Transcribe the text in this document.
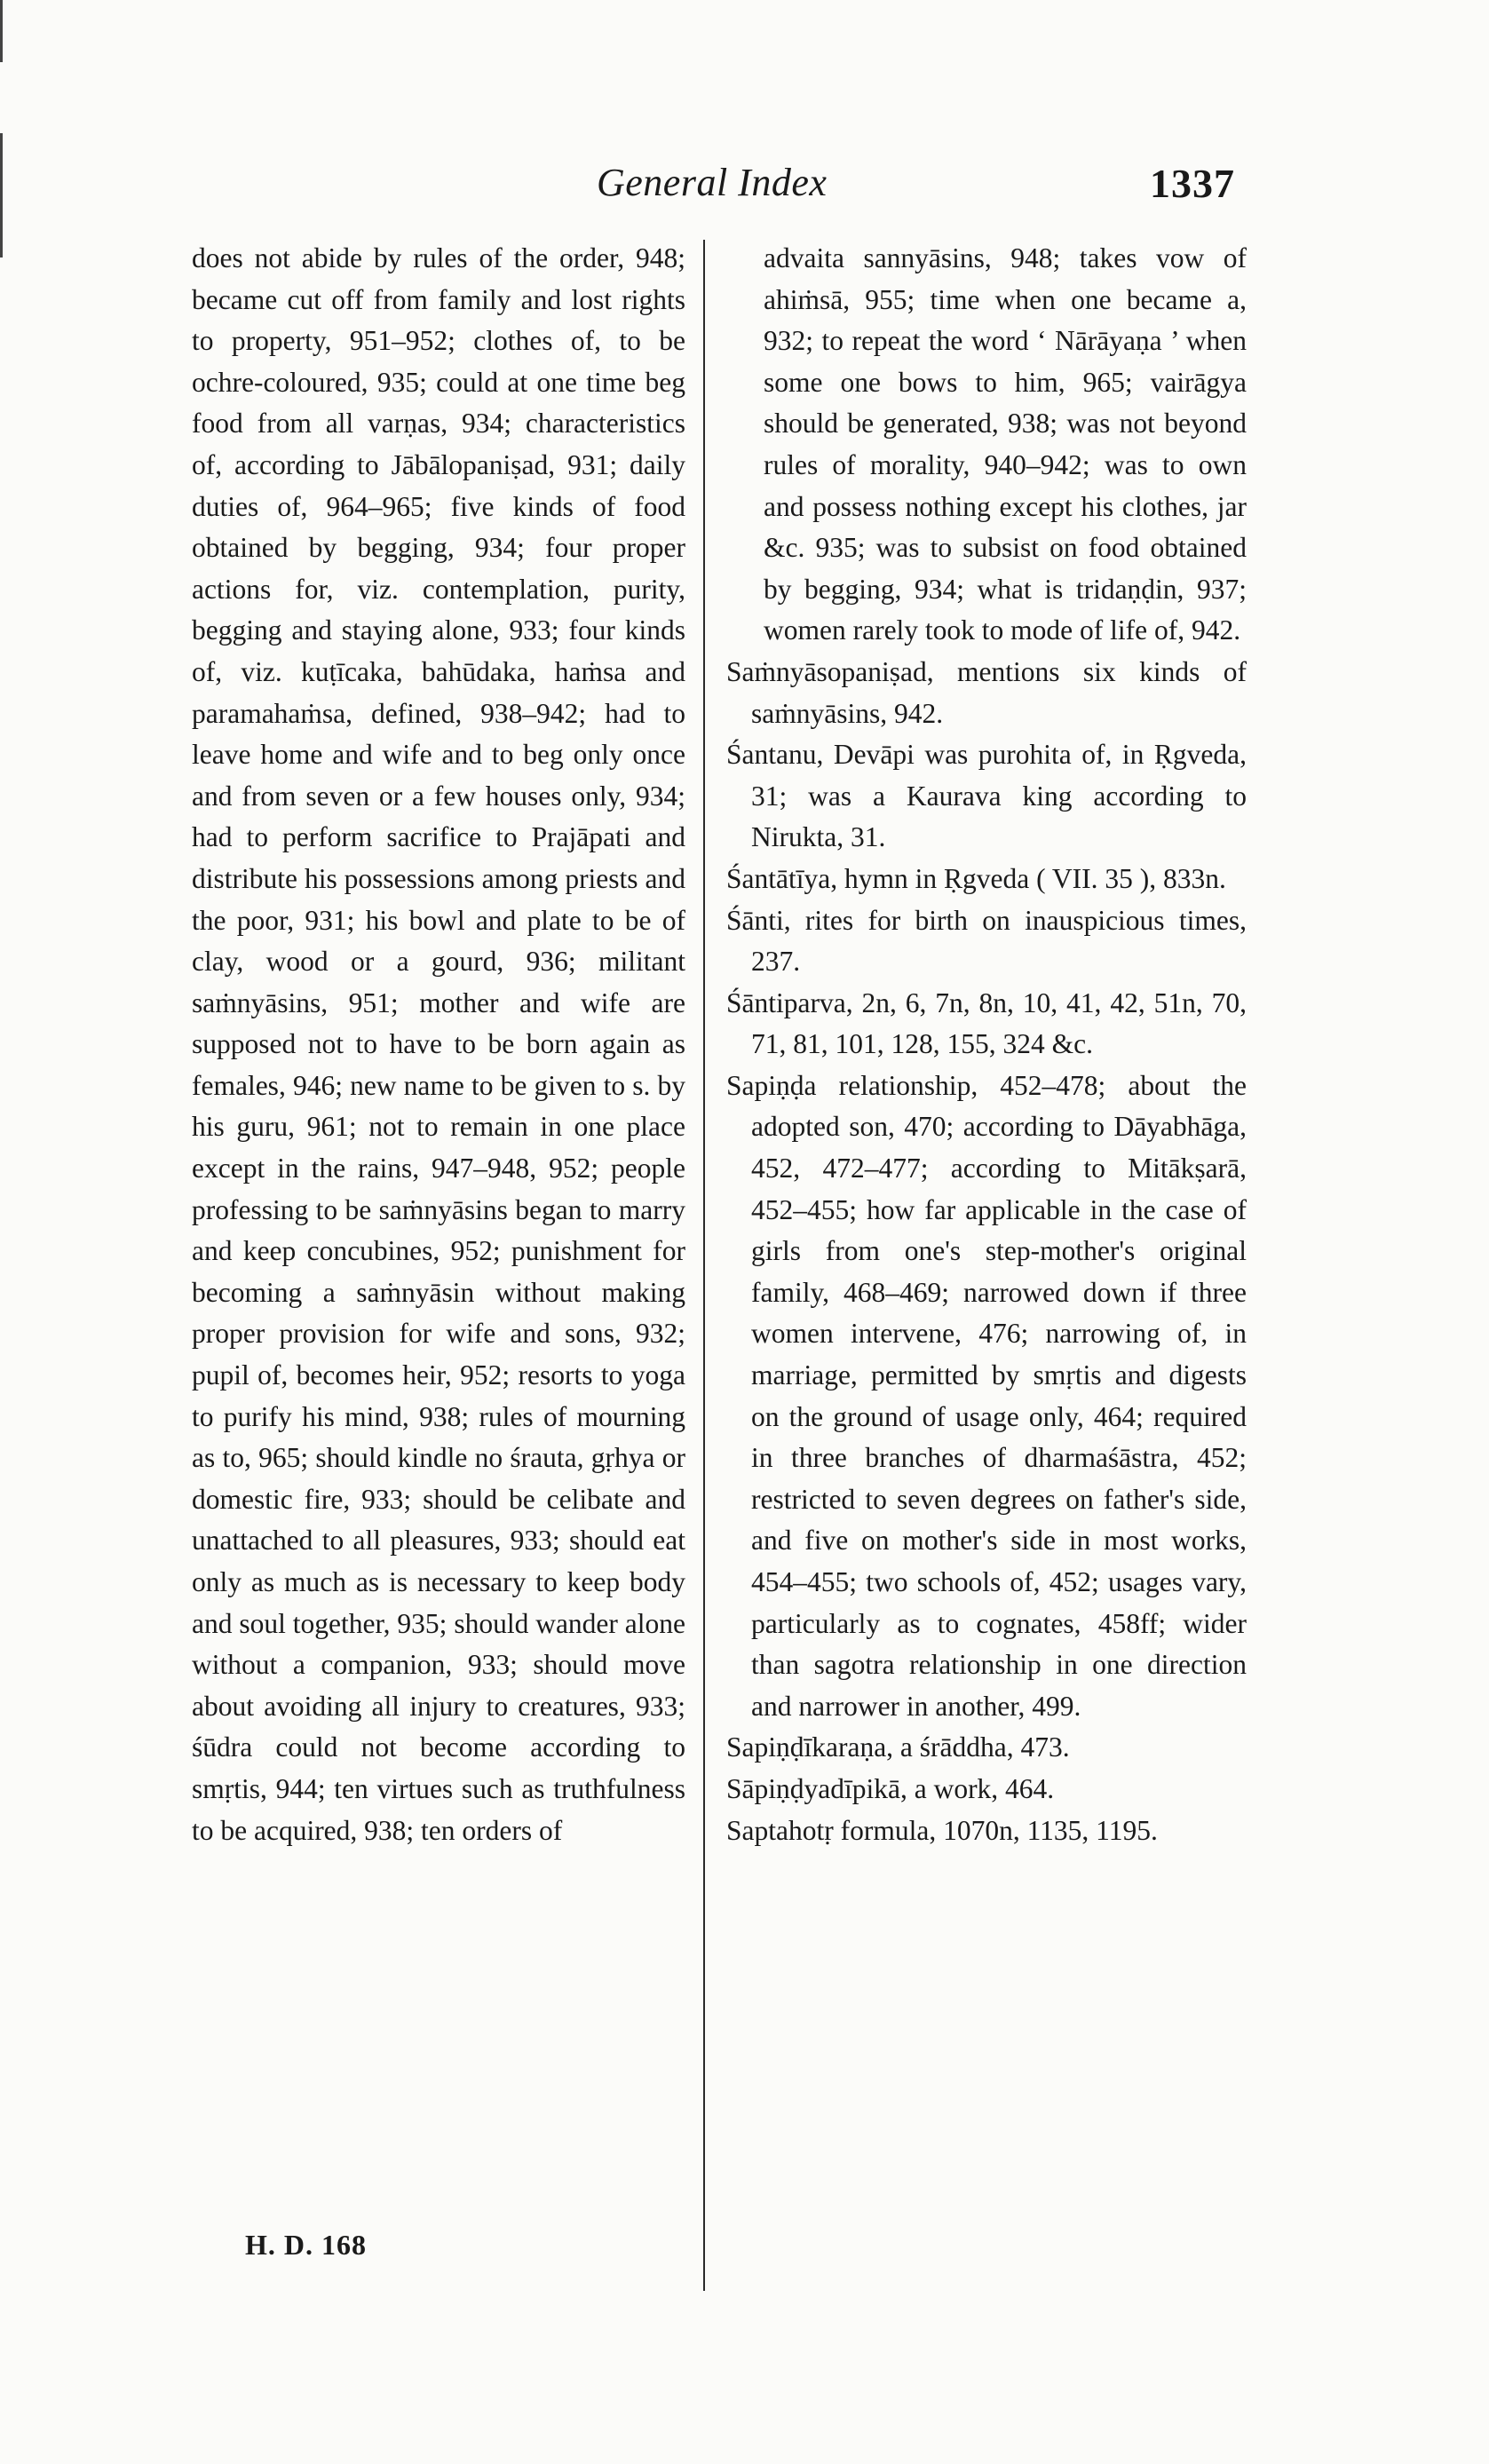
General Index	1337

does not abide by rules of the order, 948; became cut off from family and lost rights to property, 951–952; clothes of, to be ochre-coloured, 935; could at one time beg food from all varṇas, 934; characteristics of, according to Jābālopaniṣad, 931; daily duties of, 964–965; five kinds of food obtained by begging, 934; four proper actions for, viz. contemplation, purity, begging and staying alone, 933; four kinds of, viz. kuṭīcaka, bahūdaka, haṁsa and paramahaṁsa, defined, 938–942; had to leave home and wife and to beg only once and from seven or a few houses only, 934; had to perform sacrifice to Prajāpati and distribute his possessions among priests and the poor, 931; his bowl and plate to be of clay, wood or a gourd, 936; militant saṁnyāsins, 951; mother and wife are supposed not to have to be born again as females, 946; new name to be given to s. by his guru, 961; not to remain in one place except in the rains, 947–948, 952; people professing to be saṁnyāsins began to marry and keep concubines, 952; punishment for becoming a saṁnyāsin without making proper provision for wife and sons, 932; pupil of, becomes heir, 952; resorts to yoga to purify his mind, 938; rules of mourning as to, 965; should kindle no śrauta, gṛhya or domestic fire, 933; should be celibate and unattached to all pleasures, 933; should eat only as much as is necessary to keep body and soul together, 935; should wander alone without a companion, 933; should move about avoiding all injury to creatures, 933; śūdra could not become according to smṛtis, 944; ten virtues such as truthfulness to be acquired, 938; ten orders of

advaita sannyāsins, 948; takes vow of ahiṁsā, 955; time when one became a, 932; to repeat the word ‘ Nārāyaṇa ’ when some one bows to him, 965; vairāgya should be generated, 938; was not beyond rules of morality, 940–942; was to own and possess nothing except his clothes, jar &c. 935; was to subsist on food obtained by begging, 934; what is tridaṇḍin, 937; women rarely took to mode of life of, 942.

Saṁnyāsopaniṣad, mentions six kinds of saṁnyāsins, 942.

Śantanu, Devāpi was purohita of, in Ṛgveda, 31; was a Kaurava king according to Nirukta, 31.

Śantātīya, hymn in Ṛgveda ( VII. 35 ), 833n.

Śānti, rites for birth on inauspicious times, 237.

Śāntiparva, 2n, 6, 7n, 8n, 10, 41, 42, 51n, 70, 71, 81, 101, 128, 155, 324 &c.

Sapiṇḍa relationship, 452–478; about the adopted son, 470; according to Dāyabhāga, 452, 472–477; according to Mitākṣarā, 452–455; how far applicable in the case of girls from one's step-mother's original family, 468–469; narrowed down if three women intervene, 476; narrowing of, in marriage, permitted by smṛtis and digests on the ground of usage only, 464; required in three branches of dharmaśāstra, 452; restricted to seven degrees on father's side, and five on mother's side in most works, 454–455; two schools of, 452; usages vary, particularly as to cognates, 458ff; wider than sagotra relationship in one direction and narrower in another, 499.

Sapiṇḍīkaraṇa, a śrāddha, 473.

Sāpiṇḍyadīpikā, a work, 464.

Saptahotṛ formula, 1070n, 1135, 1195.

H. D. 168
